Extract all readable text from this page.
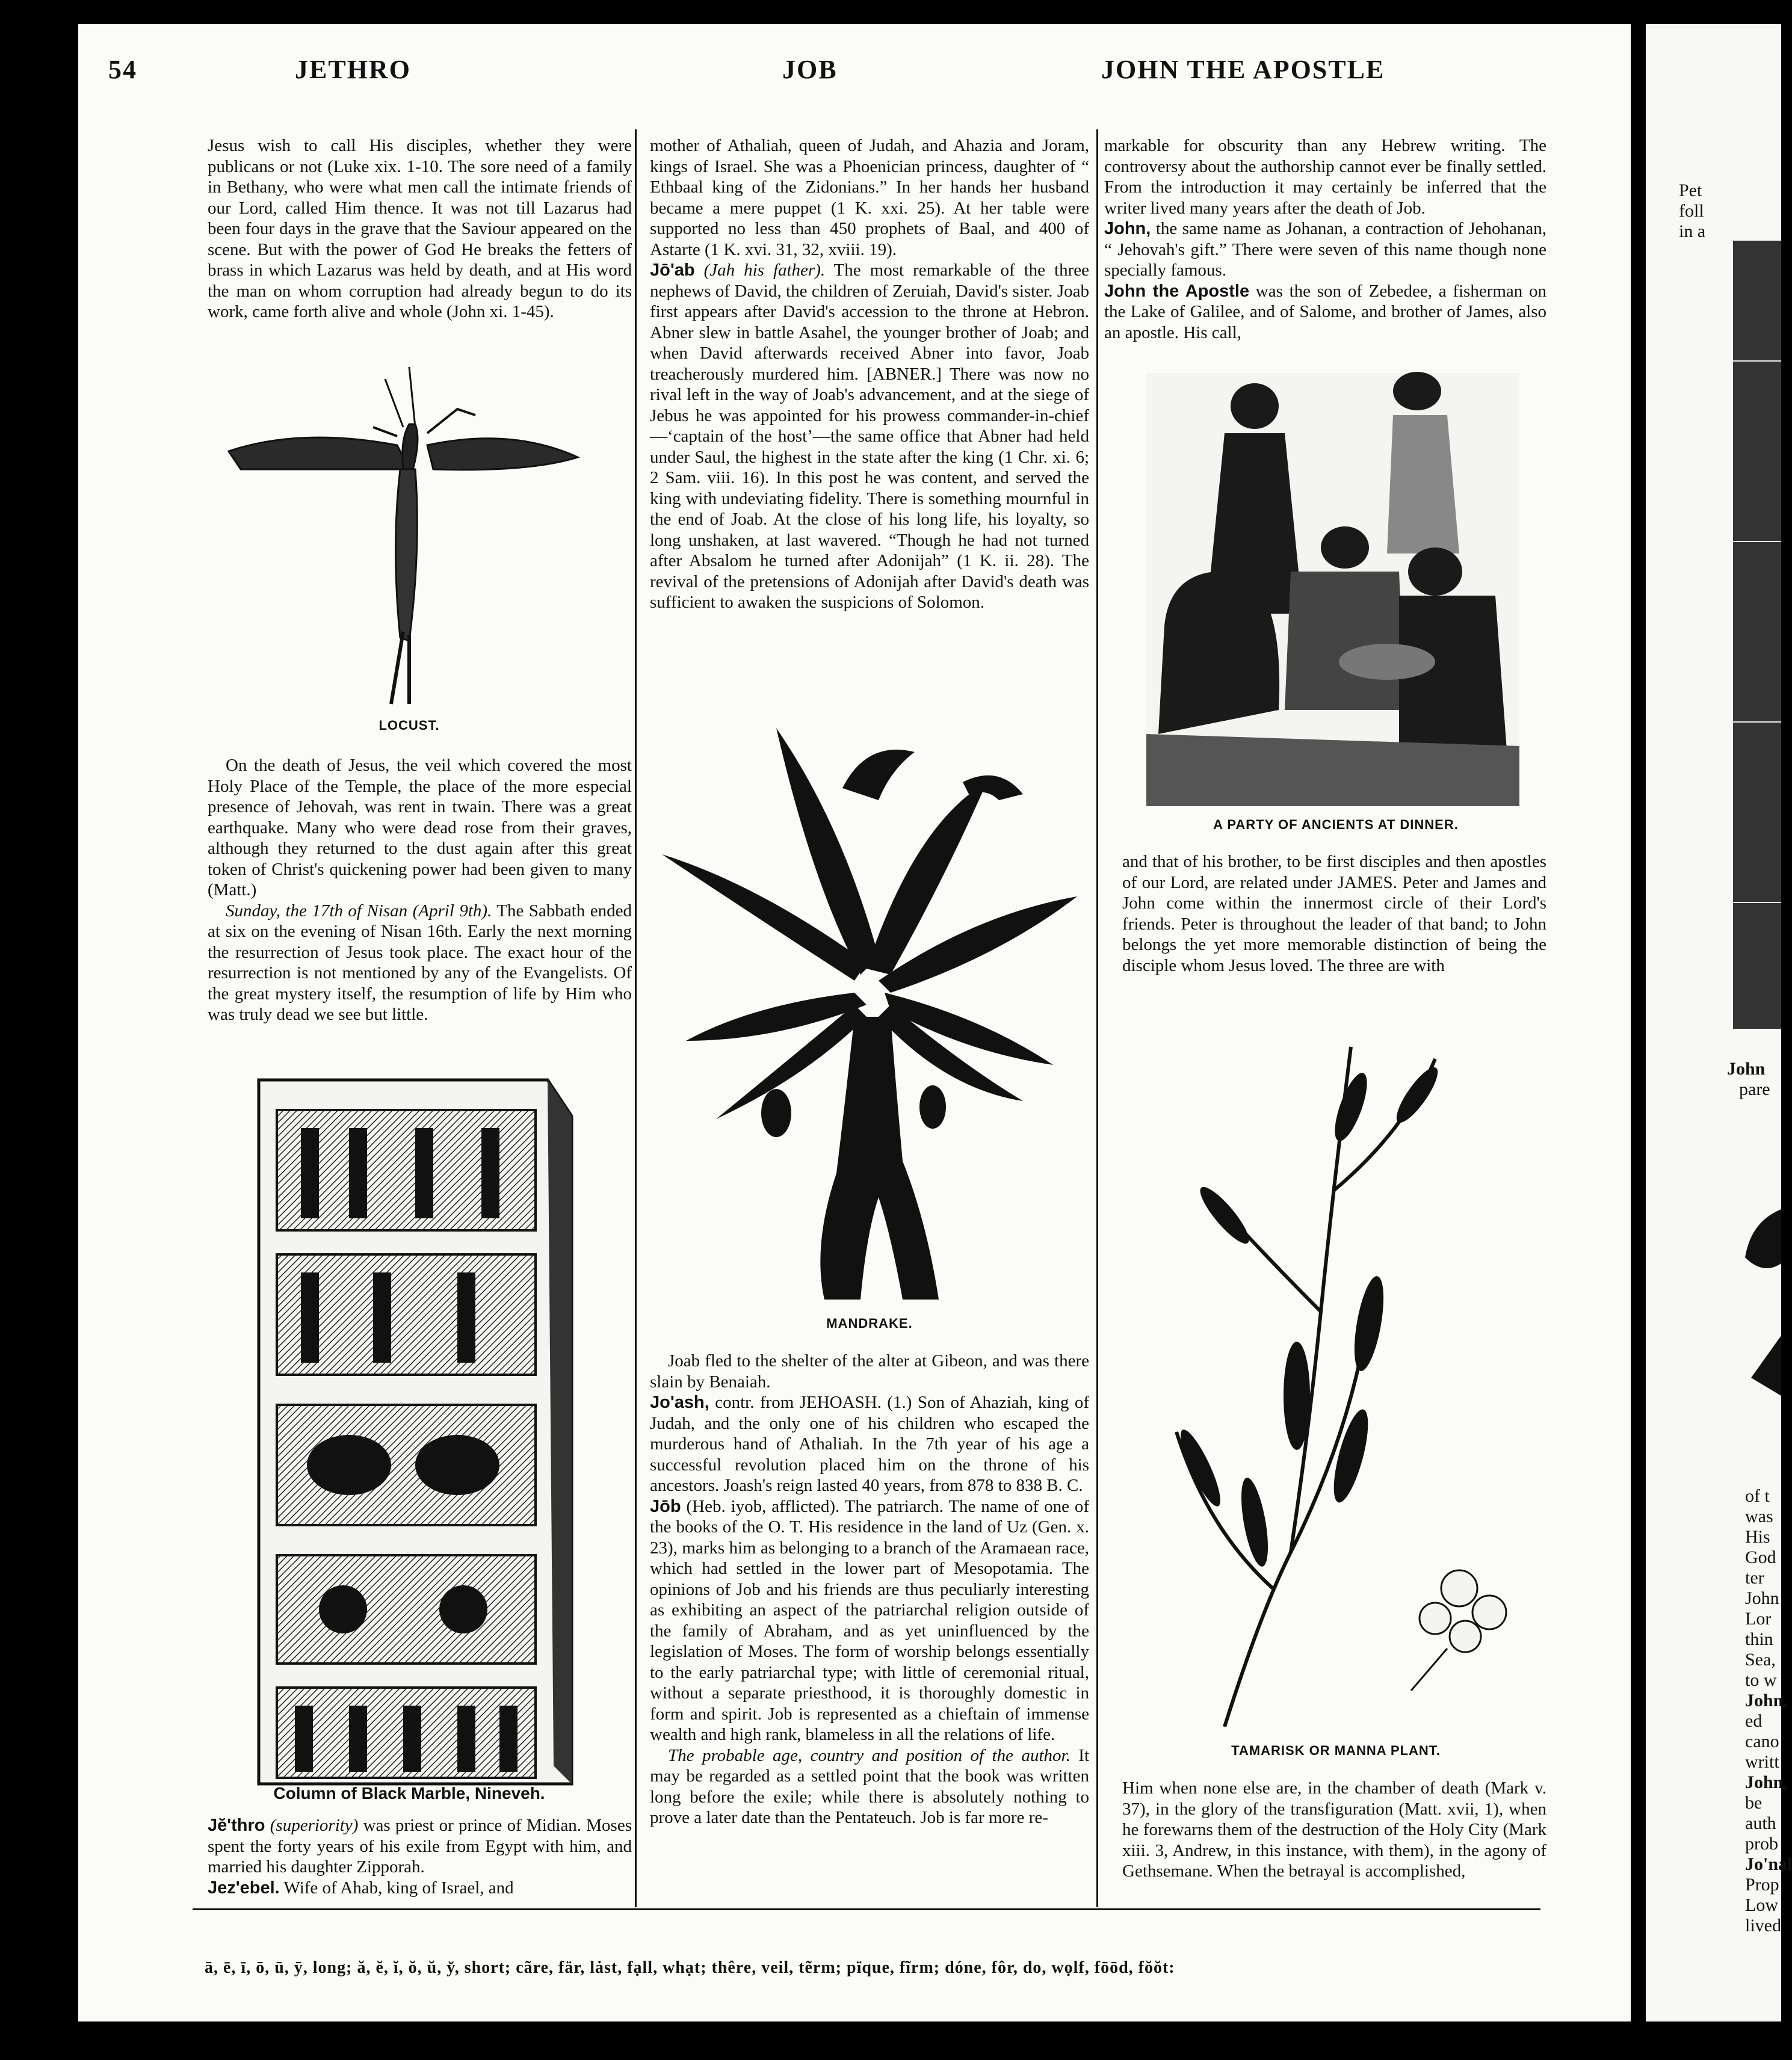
54	JETHRO	JOB	JOHN THE APOSTLE

Jesus wish to call His disciples, whether they were publicans or not (Luke xix. 1-10. The sore need of a family in Bethany, who were what men call the intimate friends of our Lord, called Him thence. It was not till Lazarus had been four days in the grave that the Saviour appeared on the scene. But with the power of God He breaks the fetters of brass in which Lazarus was held by death, and at His word the man on whom corruption had already begun to do its work, came forth alive and whole (John xi. 1-45).

LOCUST.

On the death of Jesus, the veil which covered the most Holy Place of the Temple, the place of the more especial presence of Jehovah, was rent in twain. There was a great earthquake. Many who were dead rose from their graves, although they returned to the dust again after this great token of Christ's quickening power had been given to many (Matt.)

Sunday, the 17th of Nisan (April 9th). The Sabbath ended at six on the evening of Nisan 16th. Early the next morning the resurrection of Jesus took place. The exact hour of the resurrection is not mentioned by any of the Evangelists. Of the great mystery itself, the resumption of life by Him who was truly dead we see but little.

Column of Black Marble, Nineveh.

Jĕ'thro (superiority) was priest or prince of Midian. Moses spent the forty years of his exile from Egypt with him, and married his daughter Zipporah.

Jez'ebel. Wife of Ahab, king of Israel, and

mother of Athaliah, queen of Judah, and Ahazia and Joram, kings of Israel. She was a Phoenician princess, daughter of “ Ethbaal king of the Zidonians.” In her hands her husband became a mere puppet (1 K. xxi. 25). At her table were supported no less than 450 prophets of Baal, and 400 of Astarte (1 K. xvi. 31, 32, xviii. 19).

Jō'ab (Jah his father). The most remarkable of the three nephews of David, the children of Zeruiah, David's sister. Joab first appears after David's accession to the throne at Hebron. Abner slew in battle Asahel, the younger brother of Joab; and when David afterwards received Abner into favor, Joab treacherously murdered him. [ABNER.] There was now no rival left in the way of Joab's advancement, and at the siege of Jebus he was appointed for his prowess commander-in-chief—‘captain of the host’—the same office that Abner had held under Saul, the highest in the state after the king (1 Chr. xi. 6; 2 Sam. viii. 16). In this post he was content, and served the king with undeviating fidelity. There is something mournful in the end of Joab. At the close of his long life, his loyalty, so long unshaken, at last wavered. “Though he had not turned after Absalom he turned after Adonijah” (1 K. ii. 28). The revival of the pretensions of Adonijah after David's death was sufficient to awaken the suspicions of Solomon.

MANDRAKE.

Joab fled to the shelter of the alter at Gibeon, and was there slain by Benaiah.

Jo'ash, contr. from JEHOASH. (1.) Son of Ahaziah, king of Judah, and the only one of his children who escaped the murderous hand of Athaliah. In the 7th year of his age a successful revolution placed him on the throne of his ancestors. Joash's reign lasted 40 years, from 878 to 838 B. C.

Jōb (Heb. iyob, afflicted). The patriarch. The name of one of the books of the O. T. His residence in the land of Uz (Gen. x. 23), marks him as belonging to a branch of the Aramaean race, which had settled in the lower part of Mesopotamia. The opinions of Job and his friends are thus peculiarly interesting as exhibiting an aspect of the patriarchal religion outside of the family of Abraham, and as yet uninfluenced by the legislation of Moses. The form of worship belongs essentially to the early patriarchal type; with little of ceremonial ritual, without a separate priesthood, it is thoroughly domestic in form and spirit. Job is represented as a chieftain of immense wealth and high rank, blameless in all the relations of life.

The probable age, country and position of the author. It may be regarded as a settled point that the book was written long before the exile; while there is absolutely nothing to prove a later date than the Pentateuch. Job is far more re-

markable for obscurity than any Hebrew writing. The controversy about the authorship cannot ever be finally settled. From the introduction it may certainly be inferred that the writer lived many years after the death of Job.

John, the same name as Johanan, a contraction of Jehohanan, “ Jehovah's gift.” There were seven of this name though none specially famous.

John the Apostle was the son of Zebedee, a fisherman on the Lake of Galilee, and of Salome, and brother of James, also an apostle. His call,

A PARTY OF ANCIENTS AT DINNER.

and that of his brother, to be first disciples and then apostles of our Lord, are related under JAMES. Peter and James and John come within the innermost circle of their Lord's friends. Peter is throughout the leader of that band; to John belongs the yet more memorable distinction of being the disciple whom Jesus loved. The three are with

TAMARISK OR MANNA PLANT.

Him when none else are, in the chamber of death (Mark v. 37), in the glory of the transfiguration (Matt. xvii, 1), when he forewarns them of the destruction of the Holy City (Mark xiii. 3, Andrew, in this instance, with them), in the agony of Gethsemane. When the betrayal is accomplished,

ā, ē, ī, ō, ū, ȳ, long; ă, ĕ, ĭ, ŏ, ŭ, y̆, short; cãre, fär, lȧst, fạll, whạt; thêre, veil, tẽrm; pïque, fĩrm; dóne, fôr, do, wọlf, fōōd, fŏŏt:
Pet
foll
in a
John
pare
of t
was
His
God
ter
John
Lor
thin
Sea,
to w
John,
ed
cano
writt
John,
be
auth
prob
Jo'nal
Prop
Low
lived
